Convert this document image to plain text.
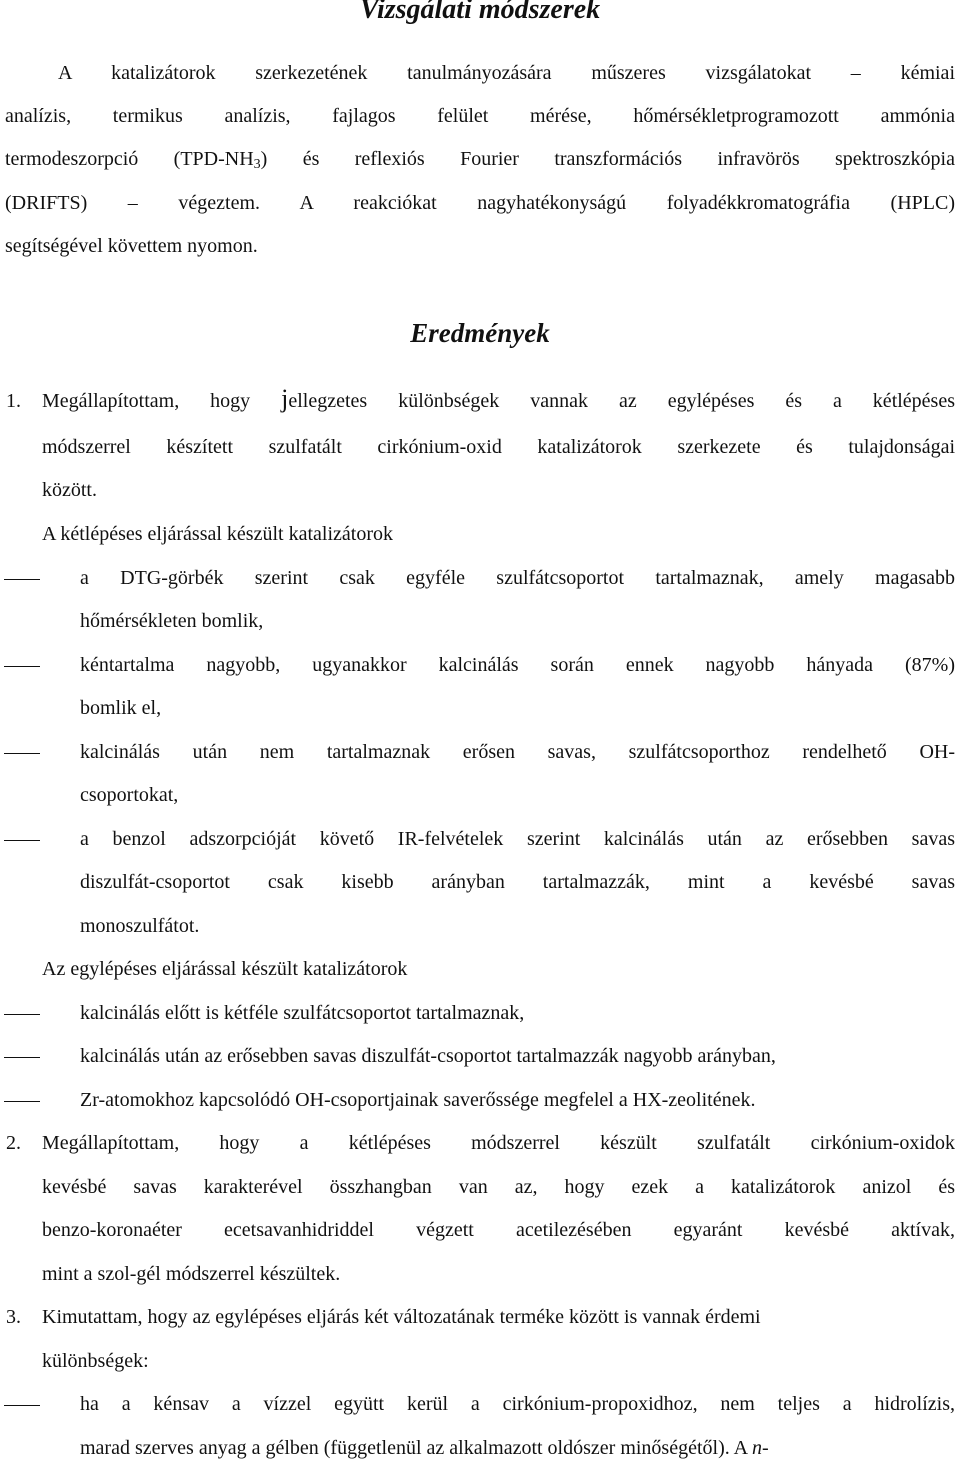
Vizsgálati módszerek
A katalizátorok szerkezetének tanulmányozására műszeres vizsgálatokat – kémiai
analízis, termikus analízis, fajlagos felület mérése, hőmérsékletprogramozott ammónia
termodeszorpció $(TPD-NH_3)$ és reflexiós Fourier transzformációs infravörös spektroszkópia
(DRIFTS) – végeztem. A reakciókat nagyhatékonyságú folyadékkromatográfia (HPLC)
segítségével követtem nyomon.
Eredmények
1. Megállapítottam, hogy jellegzetes különbségek vannak az egylépéses és a kétlépéses
módszerrel készített szulfatált cirkónium-oxid katalizátorok szerkezete és tulajdonságai
között.
A kétlépéses eljárással készült katalizátorok
a DTG-görbék szerint csak egyféle szulfátcsoportot tartalmaznak, amely magasabb
hőmérsékleten bomlik,
kéntartalma nagyobb, ugyanakkor kalcinálás során ennek nagyobb hányada (87%)
bomlik el,
kalcinálás után nem tartalmaznak erősen savas, szulfátcsoporthoz rendelhető OH-
csoportokat,
a benzol adszorpcióját követő IR-felvételek szerint kalcinálás után az erősebben savas
diszulfát-csoportot csak kisebb arányban tartalmazzák, mint a kevésbé savas
monoszulfátot.
Az egylépéses eljárással készült katalizátorok
kalcinálás előtt is kétféle szulfátcsoportot tartalmaznak,
kalcinálás után az erősebben savas diszulfát-csoportot tartalmazzák nagyobb arányban,
Zr-atomokhoz kapcsolódó OH-csoportjainak saverőssége megfelel a HX-zeolitének.
2. Megállapítottam, hogy a kétlépéses módszerrel készült szulfatált cirkónium-oxidok
kevésbé savas karakterével összhangban van az, hogy ezek a katalizátorok anizol és
benzo-koronaéter ecetsavanhidriddel végzett acetilezésében egyaránt kevésbé aktívak,
mint a szol-gél módszerrel készültek.
3. Kimutattam, hogy az egylépéses eljárás két változatának terméke között is vannak érdemi
különbségek:
ha a kénsav a vízzel együtt kerül a cirkónium-propoxidhoz, nem teljes a hidrolízis,
marad szerves anyag a gélben (függetlenül az alkalmazott oldószer minőségétől). A n-
